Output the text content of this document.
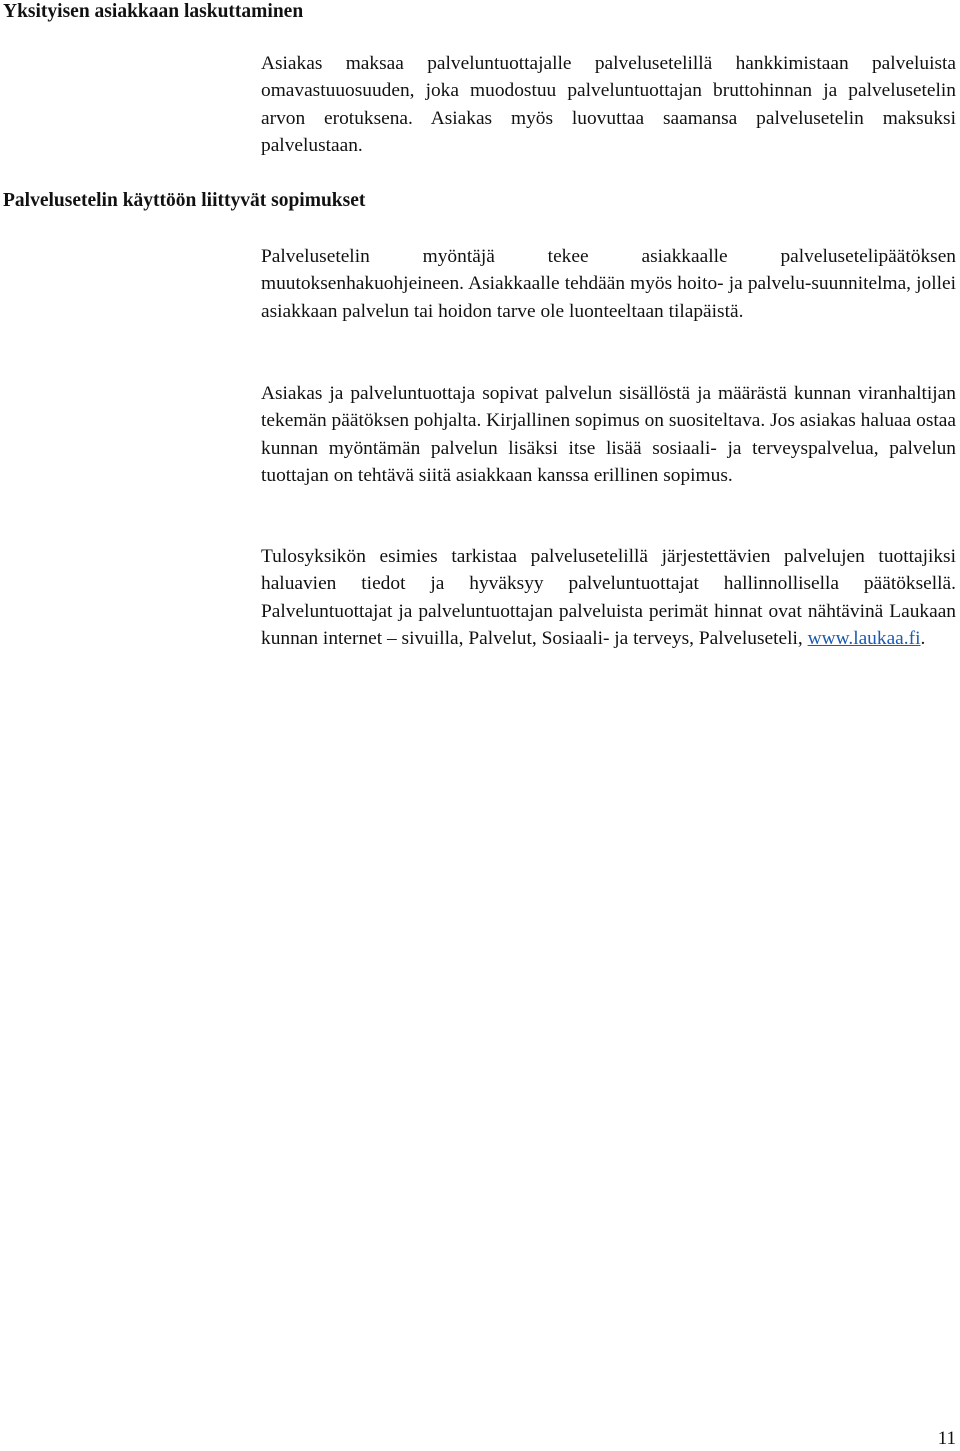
Yksityisen asiakkaan laskuttaminen

Asiakas maksaa palveluntuottajalle palvelusetelillä hankkimistaan palveluista omavastuuosuuden, joka muodostuu palveluntuottajan bruttohinnan ja palvelusetelin arvon erotuksena. Asiakas myös luovuttaa saamansa palvelusetelin maksuksi palvelustaan.

Palvelusetelin käyttöön liittyvät sopimukset

Palvelusetelin myöntäjä tekee asiakkaalle palvelusetelipäätöksen muutoksenhakuohjeineen. Asiakkaalle tehdään myös hoito- ja palvelu-suunnitelma, jollei asiakkaan palvelun tai hoidon tarve ole luonteeltaan tilapäistä.

Asiakas ja palveluntuottaja sopivat palvelun sisällöstä ja määrästä kunnan viranhaltijan tekemän päätöksen pohjalta. Kirjallinen sopimus on suositeltava. Jos asiakas haluaa ostaa kunnan myöntämän palvelun lisäksi itse lisää sosiaali- ja terveyspalvelua, palvelun tuottajan on tehtävä siitä asiakkaan kanssa erillinen sopimus.

Tulosyksikön esimies tarkistaa palvelusetelillä järjestettävien palvelujen tuottajiksi haluavien tiedot ja hyväksyy palveluntuottajat hallinnollisella päätöksellä. Palveluntuottajat ja palveluntuottajan palveluista perimät hinnat ovat nähtävinä Laukaan kunnan internet – sivuilla, Palvelut, Sosiaali- ja terveys, Palveluseteli, www.laukaa.fi.

11
